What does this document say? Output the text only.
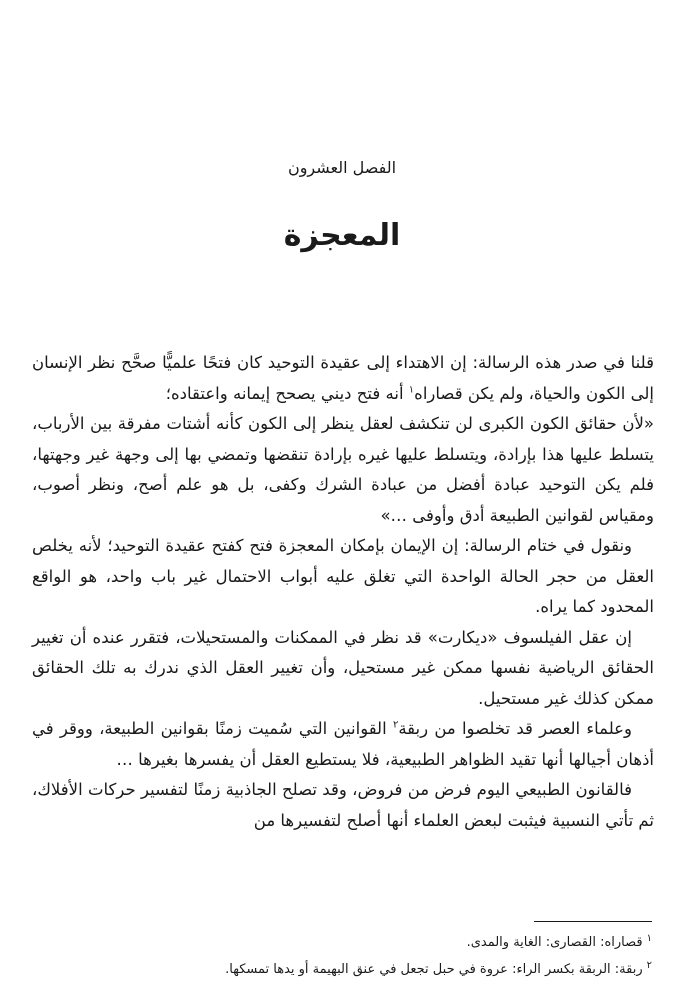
الفصل العشرون
المعجزة

قلنا في صدر هذه الرسالة: إن الاهتداء إلى عقيدة التوحيد كان فتحًا علميًّا صحَّح نظر الإنسان إلى الكون والحياة، ولم يكن قصاراه$^١$ أنه فتح ديني يصحح إيمانه واعتقاده؛

«لأن حقائق الكون الكبرى لن تنكشف لعقل ينظر إلى الكون كأنه أشتات مفرقة بين الأرباب، يتسلط عليها هذا بإرادة، ويتسلط عليها غيره بإرادة تنقضها وتمضي بها إلى وجهة غير وجهتها، فلم يكن التوحيد عبادة أفضل من عبادة الشرك وكفى، بل هو علم أصح، ونظر أصوب، ومقياس لقوانين الطبيعة أدق وأوفى …»

ونقول في ختام الرسالة: إن الإيمان بإمكان المعجزة فتح كفتح عقيدة التوحيد؛ لأنه يخلص العقل من حجر الحالة الواحدة التي تغلق عليه أبواب الاحتمال غير باب واحد، هو الواقع المحدود كما يراه.

إن عقل الفيلسوف «ديكارت» قد نظر في الممكنات والمستحيلات، فتقرر عنده أن تغيير الحقائق الرياضية نفسها ممكن غير مستحيل، وأن تغيير العقل الذي ندرك به تلك الحقائق ممكن كذلك غير مستحيل.

وعلماء العصر قد تخلصوا من ربقة$^٢$ القوانين التي سُميت زمنًا بقوانين الطبيعة، ووقر في أذهان أجيالها أنها تقيد الظواهر الطبيعية، فلا يستطيع العقل أن يفسرها بغيرها …

فالقانون الطبيعي اليوم فرض من فروض، وقد تصلح الجاذبية زمنًا لتفسير حركات الأفلاك، ثم تأتي النسبية فيثبت لبعض العلماء أنها أصلح لتفسيرها من

$^١$قصاراه: القصارى: الغاية والمدى.

$^٢$ربقة: الربقة بكسر الراء: عروة في حبل تجعل في عنق البهيمة أو يدها تمسكها.
